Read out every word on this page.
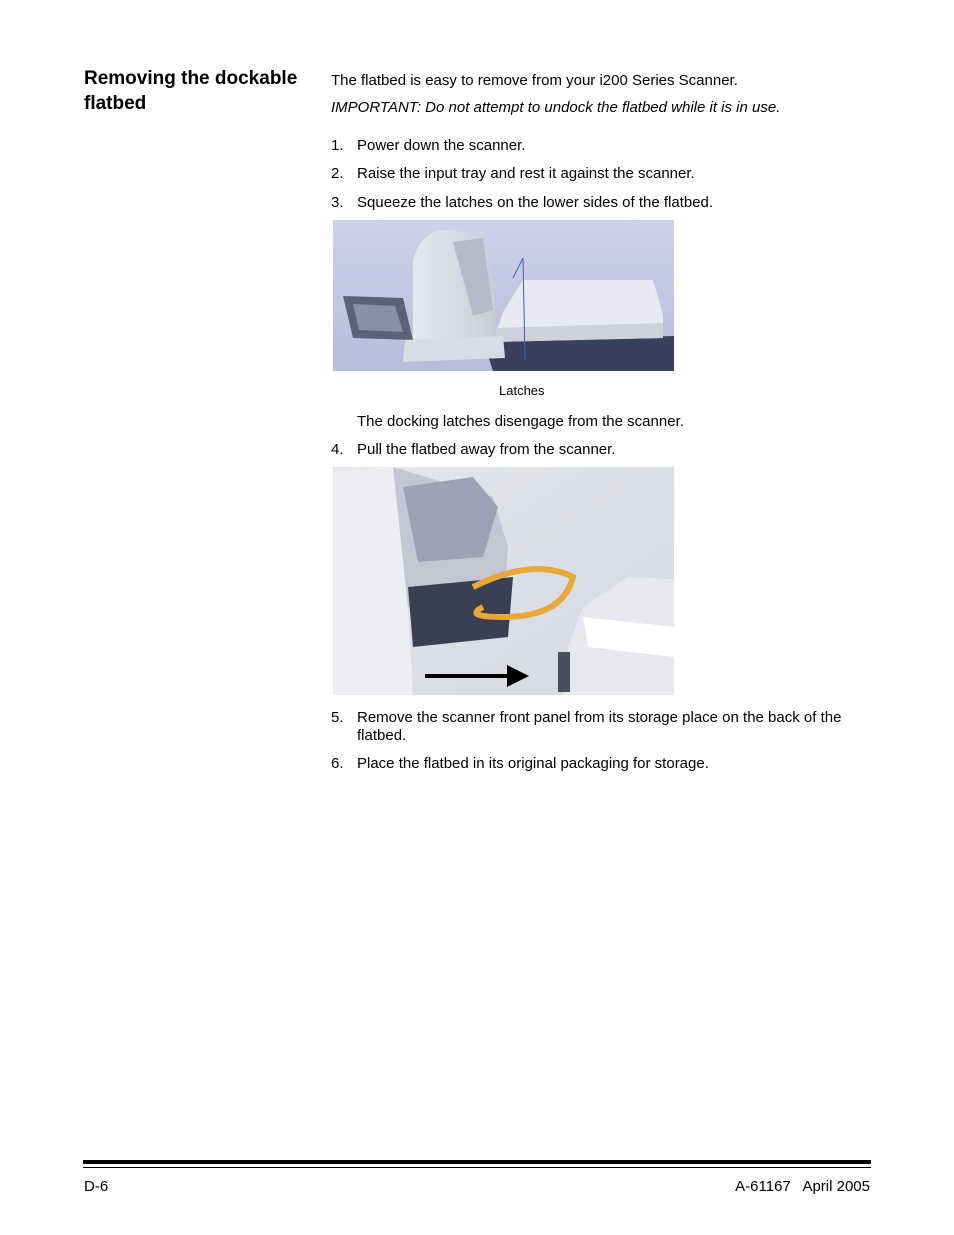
Removing the dockable flatbed

The flatbed is easy to remove from your i200 Series Scanner.

IMPORTANT: Do not attempt to undock the flatbed while it is in use.

1. Power down the scanner.
2. Raise the input tray and rest it against the scanner.
3. Squeeze the latches on the lower sides of the flatbed.
Latches

The docking latches disengage from the scanner.

4. Pull the flatbed away from the scanner.
5. Remove the scanner front panel from its storage place on the back of the flatbed.
6. Place the flatbed in its original packaging for storage.
D-6	A-61167   April 2005
